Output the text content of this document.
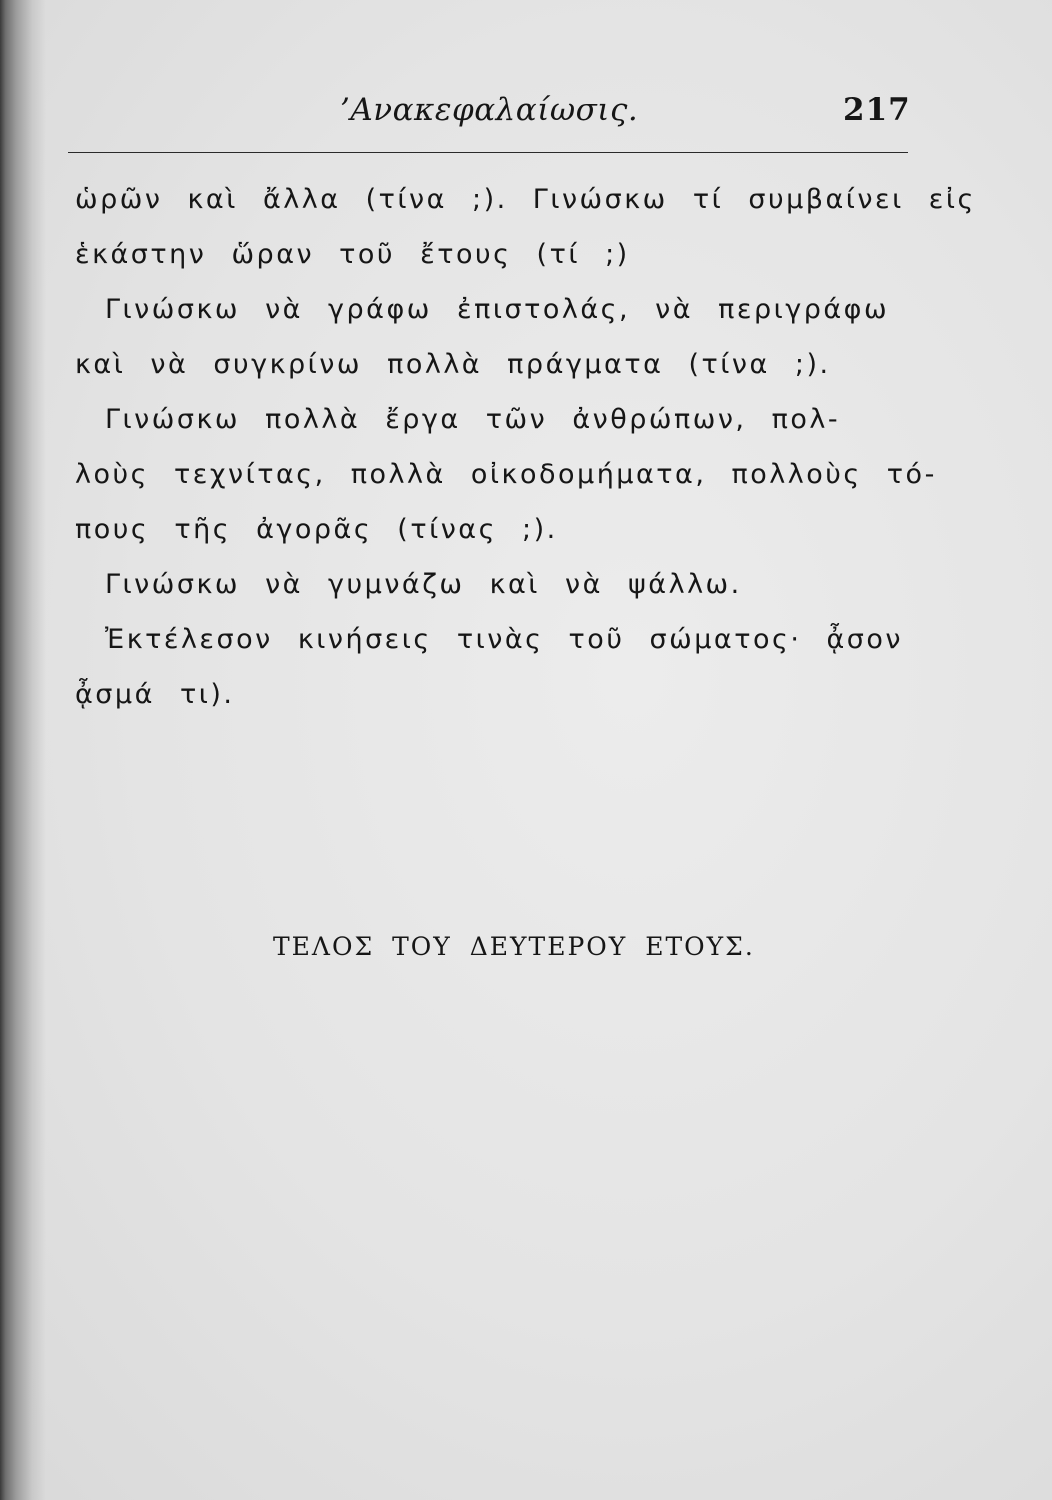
’Ανακεφαλαίωσις.	217
ὡρῶν καὶ ἄλλα (τίνα ;). Γινώσκω τί συμβαίνει εἰς
ἑκάστην ὥραν τοῦ ἔτους (τί ;)
Γινώσκω νὰ γράφω ἐπιστολάς, νὰ περιγράφω
καὶ νὰ συγκρίνω πολλὰ πράγματα (τίνα ;).
Γινώσκω πολλὰ ἔργα τῶν ἀνθρώπων, πολ-
λοὺς τεχνίτας, πολλὰ οἰκοδομήματα, πολλοὺς τό-
πους τῆς ἀγορᾶς (τίνας ;).
Γινώσκω νὰ γυμνάζω καὶ νὰ ψάλλω.
Ἐκτέλεσον κινήσεις τινὰς τοῦ σώματος· ᾆσον
ᾆσμά τι).
ΤΕΛΟΣ ΤΟΥ ΔΕΥΤΕΡΟΥ ΕΤΟΥΣ.
